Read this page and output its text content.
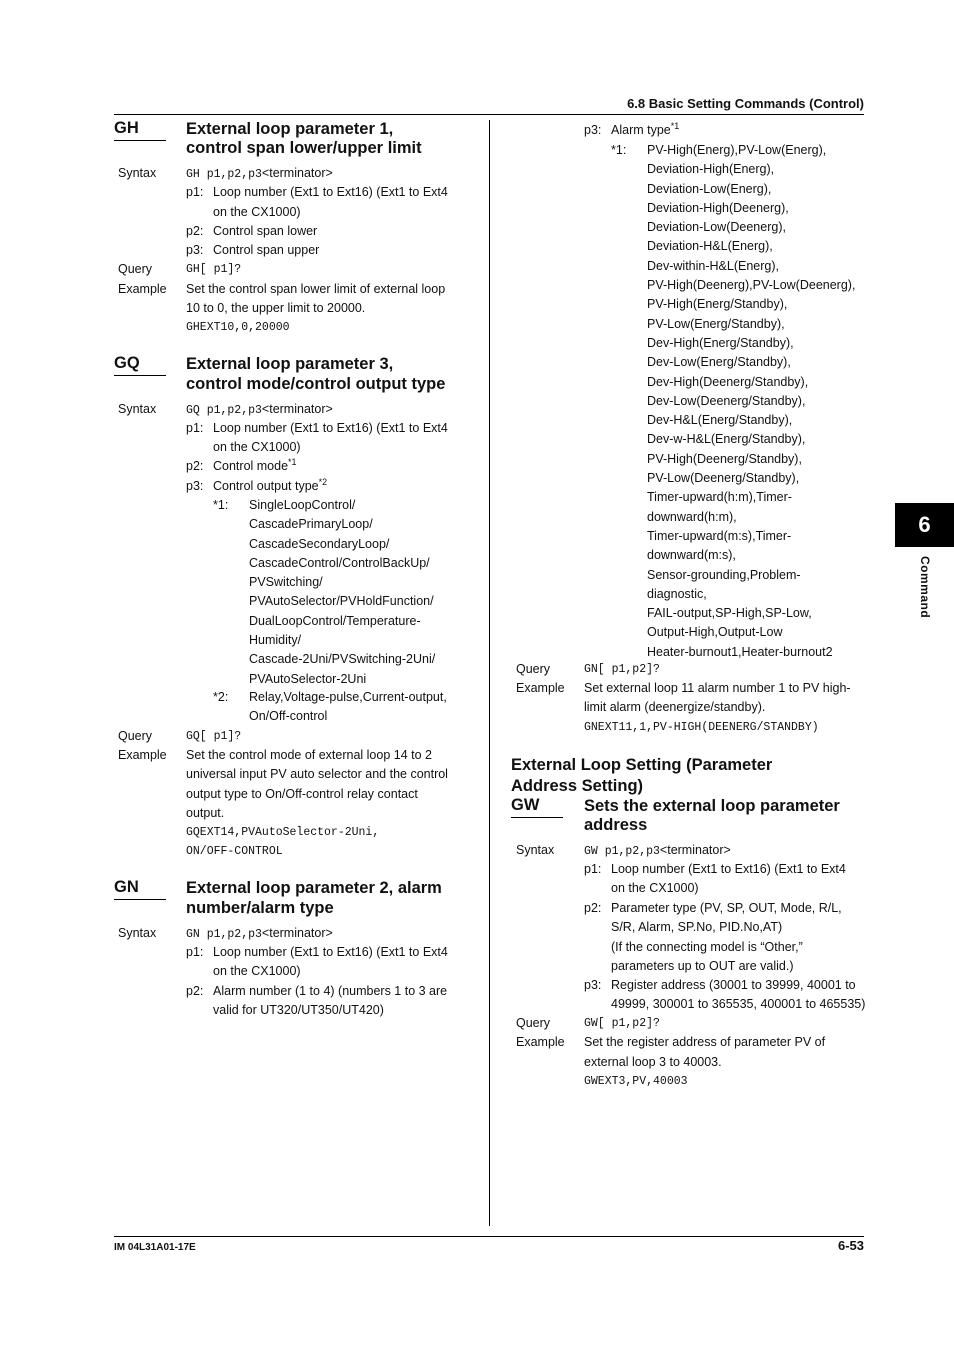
6.8 Basic Setting Commands (Control)
IM 04L31A01-17E	6-53
6
Command
GH	External loop parameter 1,
control span lower/upper limit
Syntax	GH p1,p2,p3<terminator>
p1: Loop number (Ext1 to Ext16) (Ext1 to Ext4
on the CX1000)
p2: Control span lower
p3: Control span upper
Query	GH[ p1]?
Example Set the control span lower limit of external loop
10 to 0, the upper limit to 20000.
GHEXT10,0,20000
GQ	External loop parameter 3,
control mode/control output type
Syntax	GQ p1,p2,p3<terminator>
p1: Loop number (Ext1 to Ext16) (Ext1 to Ext4
on the CX1000)
p2: Control mode$^{*1}$
p3: Control output type$^{*2}$
*1: SingleLoopControl/
CascadePrimaryLoop/
CascadeSecondaryLoop/
CascadeControl/ControlBackUp/
PVSwitching/
PVAutoSelector/PVHoldFunction/
DualLoopControl/Temperature-
Humidity/
Cascade-2Uni/PVSwitching-2Uni/
PVAutoSelector-2Uni
*2: Relay,Voltage-pulse,Current-output,
On/Off-control
Query	GQ[ p1]?
Example Set the control mode of external loop 14 to 2
universal input PV auto selector and the control
output type to On/Off-control relay contact
output.
GQEXT14,PVAutoSelector-2Uni,
ON/OFF-CONTROL
GN	External loop parameter 2, alarm
number/alarm type
Syntax	GN p1,p2,p3<terminator>
p1: Loop number (Ext1 to Ext16) (Ext1 to Ext4
on the CX1000)
p2: Alarm number (1 to 4) (numbers 1 to 3 are
valid for UT320/UT350/UT420)
p3: Alarm type$^{*1}$
*1: PV-High(Energ),PV-Low(Energ),
Deviation-High(Energ),
Deviation-Low(Energ),
Deviation-High(Deenerg),
Deviation-Low(Deenerg),
Deviation-H&L(Energ),
Dev-within-H&L(Energ),
PV-High(Deenerg),PV-Low(Deenerg),
PV-High(Energ/Standby),
PV-Low(Energ/Standby),
Dev-High(Energ/Standby),
Dev-Low(Energ/Standby),
Dev-High(Deenerg/Standby),
Dev-Low(Deenerg/Standby),
Dev-H&L(Energ/Standby),
Dev-w-H&L(Energ/Standby),
PV-High(Deenerg/Standby),
PV-Low(Deenerg/Standby),
Timer-upward(h:m),Timer-
downward(h:m),
Timer-upward(m:s),Timer-
downward(m:s),
Sensor-grounding,Problem-
diagnostic,
FAIL-output,SP-High,SP-Low,
Output-High,Output-Low
Heater-burnout1,Heater-burnout2
Query	GN[ p1,p2]?
Example Set external loop 11 alarm number 1 to PV high-
limit alarm (deenergize/standby).
GNEXT11,1,PV-HIGH(DEENERG/STANDBY)
External Loop Setting (Parameter
Address Setting)
GW	Sets the external loop parameter
address
Syntax	GW p1,p2,p3<terminator>
p1: Loop number (Ext1 to Ext16) (Ext1 to Ext4
on the CX1000)
p2: Parameter type (PV, SP, OUT, Mode, R/L,
S/R, Alarm, SP.No, PID.No,AT)
(If the connecting model is “Other,”
parameters up to OUT are valid.)
p3: Register address (30001 to 39999, 40001 to
49999, 300001 to 365535, 400001 to 465535)
Query	GW[ p1,p2]?
Example Set the register address of parameter PV of
external loop 3 to 40003.
GWEXT3,PV,40003
